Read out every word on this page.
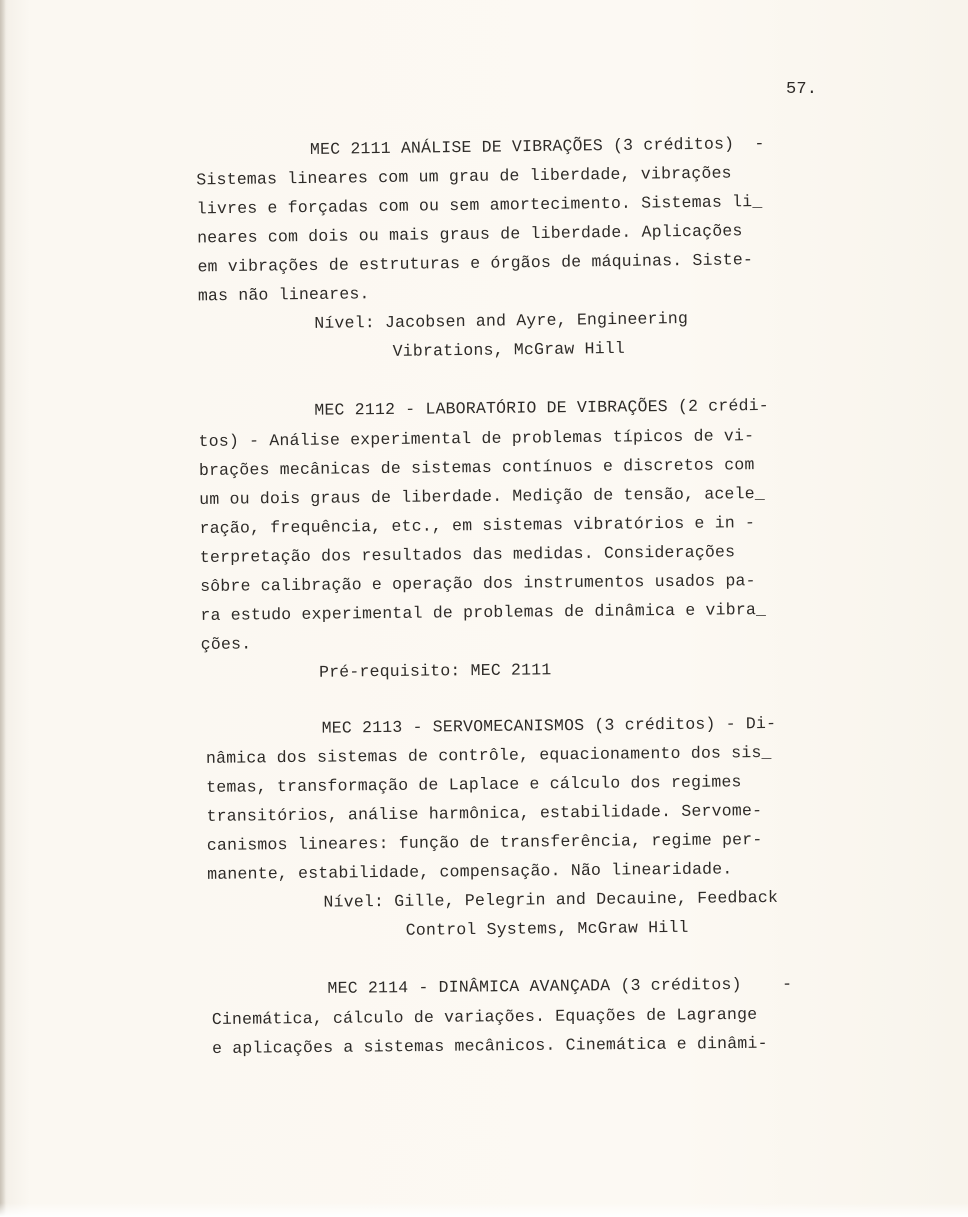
57.
MEC 2111 ANÁLISE DE VIBRAÇÕES (3 créditos)  -
Sistemas lineares com um grau de liberdade, vibrações
livres e forçadas com ou sem amortecimento. Sistemas li_
neares com dois ou mais graus de liberdade. Aplicações
em vibrações de estruturas e órgãos de máquinas. Siste-
mas não lineares.
Nível: Jacobsen and Ayre, Engineering
Vibrations, McGraw Hill
MEC 2112 - LABORATÓRIO DE VIBRAÇÕES (2 crédi-
tos) - Análise experimental de problemas típicos de vi-
brações mecânicas de sistemas contínuos e discretos com
um ou dois graus de liberdade. Medição de tensão, acele_
ração, frequência, etc., em sistemas vibratórios e in -
terpretação dos resultados das medidas. Considerações
sôbre calibração e operação dos instrumentos usados pa-
ra estudo experimental de problemas de dinâmica e vibra_
ções.
Pré-requisito: MEC 2111
MEC 2113 - SERVOMECANISMOS (3 créditos) - Di-
nâmica dos sistemas de contrôle, equacionamento dos sis_
temas, transformação de Laplace e cálculo dos regimes
transitórios, análise harmônica, estabilidade. Servome-
canismos lineares: função de transferência, regime per-
manente, estabilidade, compensação. Não linearidade.
Nível: Gille, Pelegrin and Decauine, Feedback
Control Systems, McGraw Hill
MEC 2114 - DINÂMICA AVANÇADA (3 créditos)    -
Cinemática, cálculo de variações. Equações de Lagrange
e aplicações a sistemas mecânicos. Cinemática e dinâmi-
